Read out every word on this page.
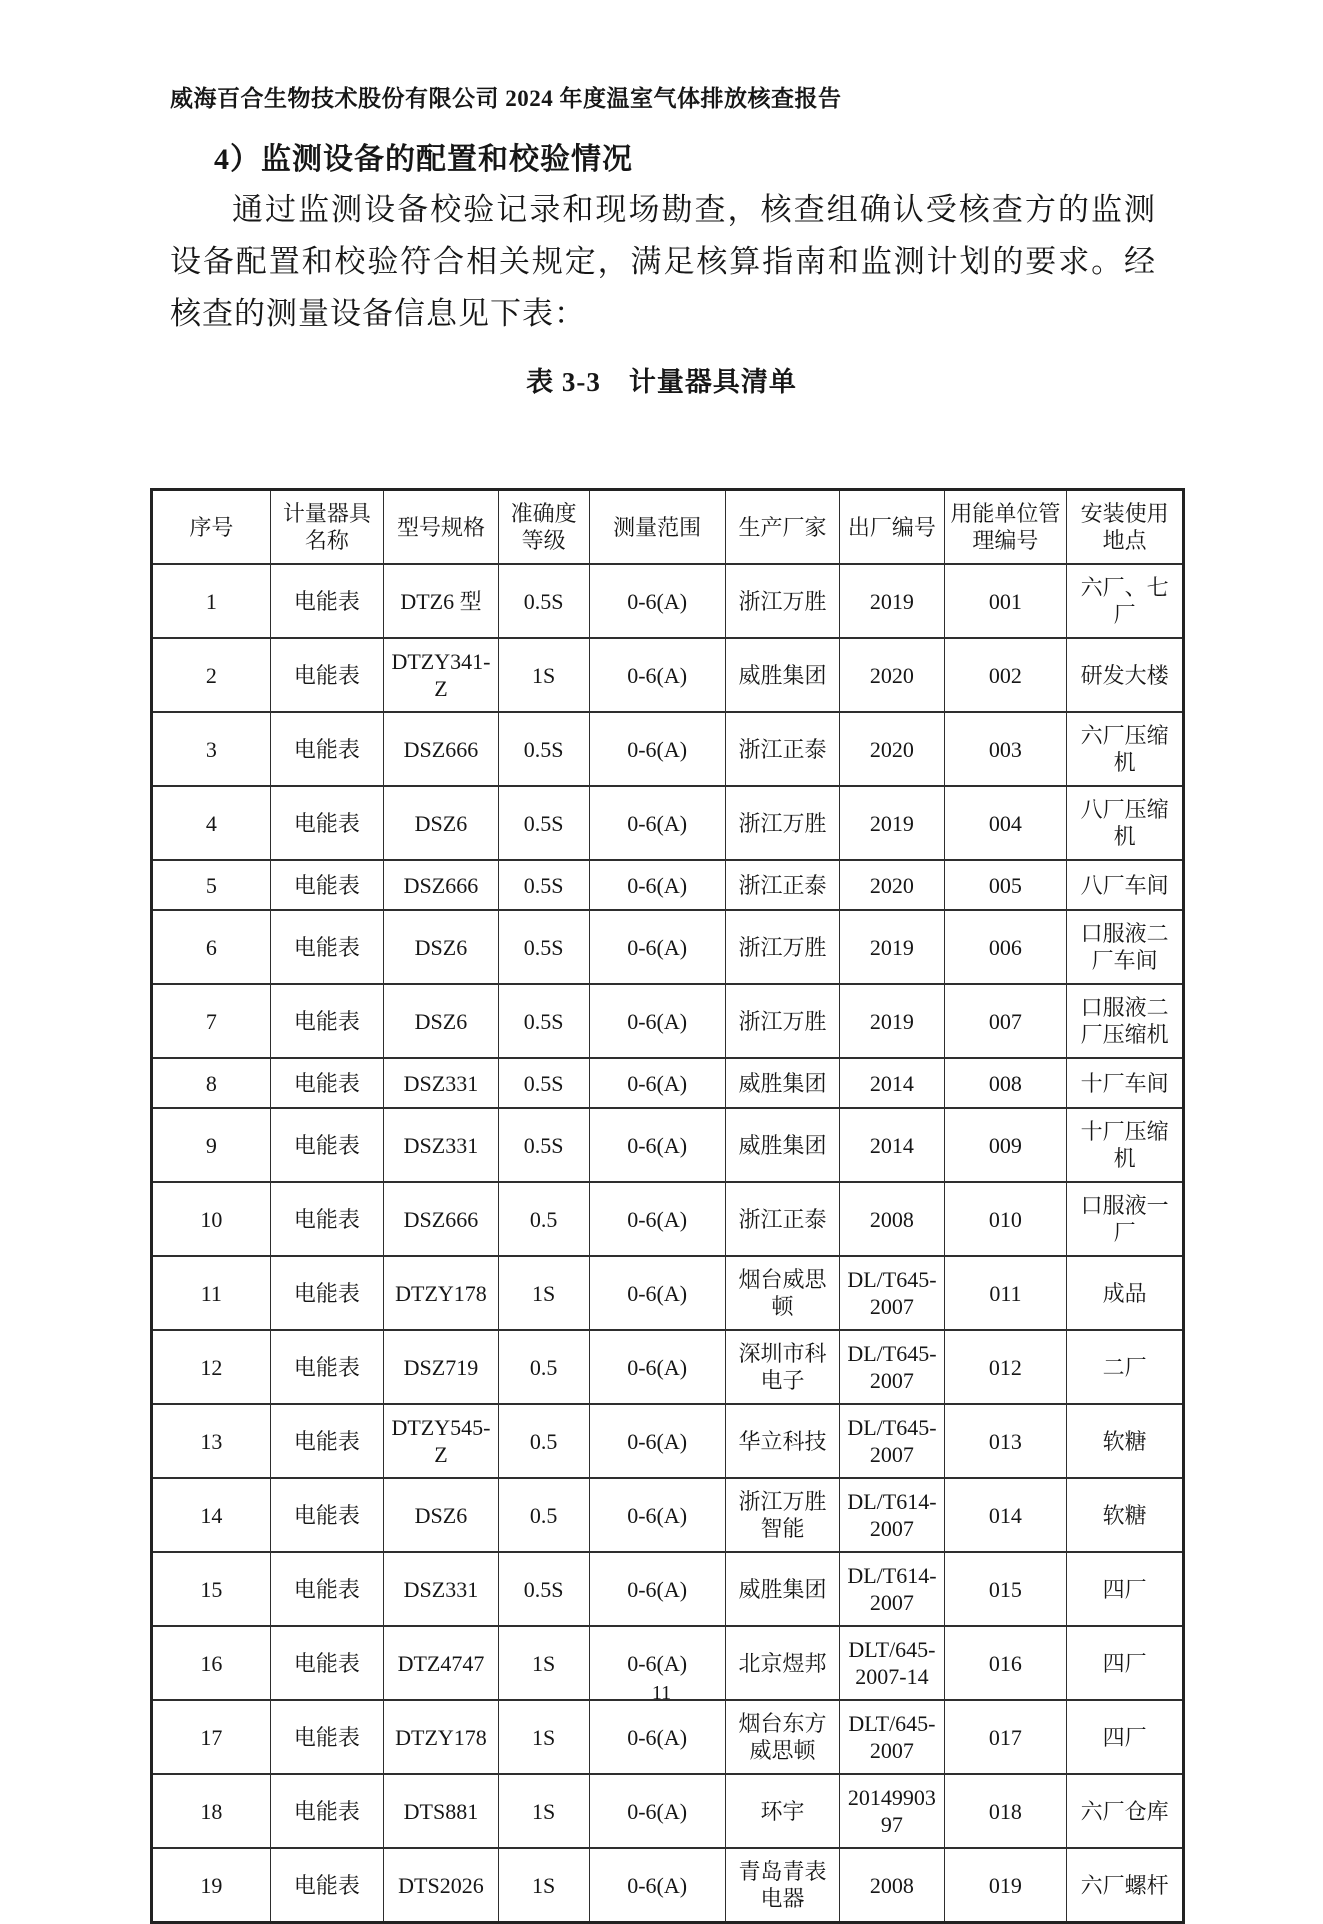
威海百合生物技术股份有限公司 2024 年度温室气体排放核查报告
4）监测设备的配置和校验情况
通过监测设备校验记录和现场勘查，核查组确认受核查方的监测设备配置和校验符合相关规定，满足核算指南和监测计划的要求。经核查的测量设备信息见下表：
表 3-3　计量器具清单
序号	计量器具名称	型号规格	准确度等级	测量范围	生产厂家	出厂编号	用能单位管理编号	安装使用地点
1	电能表	DTZ6 型	0.5S	0-6(A)	浙江万胜	2019	001	六厂、七厂
2	电能表	DTZY341-Z	1S	0-6(A)	威胜集团	2020	002	研发大楼
3	电能表	DSZ666	0.5S	0-6(A)	浙江正泰	2020	003	六厂压缩机
4	电能表	DSZ6	0.5S	0-6(A)	浙江万胜	2019	004	八厂压缩机
5	电能表	DSZ666	0.5S	0-6(A)	浙江正泰	2020	005	八厂车间
6	电能表	DSZ6	0.5S	0-6(A)	浙江万胜	2019	006	口服液二厂车间
7	电能表	DSZ6	0.5S	0-6(A)	浙江万胜	2019	007	口服液二厂压缩机
8	电能表	DSZ331	0.5S	0-6(A)	威胜集团	2014	008	十厂车间
9	电能表	DSZ331	0.5S	0-6(A)	威胜集团	2014	009	十厂压缩机
10	电能表	DSZ666	0.5	0-6(A)	浙江正泰	2008	010	口服液一厂
11	电能表	DTZY178	1S	0-6(A)	烟台威思顿	DL/T645-2007	011	成品
12	电能表	DSZ719	0.5	0-6(A)	深圳市科电子	DL/T645-2007	012	二厂
13	电能表	DTZY545-Z	0.5	0-6(A)	华立科技	DL/T645-2007	013	软糖
14	电能表	DSZ6	0.5	0-6(A)	浙江万胜智能	DL/T614-2007	014	软糖
15	电能表	DSZ331	0.5S	0-6(A)	威胜集团	DL/T614-2007	015	四厂
16	电能表	DTZ4747	1S	0-6(A)	北京煜邦	DLT/645-2007-14	016	四厂
17	电能表	DTZY178	1S	0-6(A)	烟台东方威思顿	DLT/645-2007	017	四厂
18	电能表	DTS881	1S	0-6(A)	环宇	2014990397	018	六厂仓库
19	电能表	DTS2026	1S	0-6(A)	青岛青表电器	2008	019	六厂螺杆
11
